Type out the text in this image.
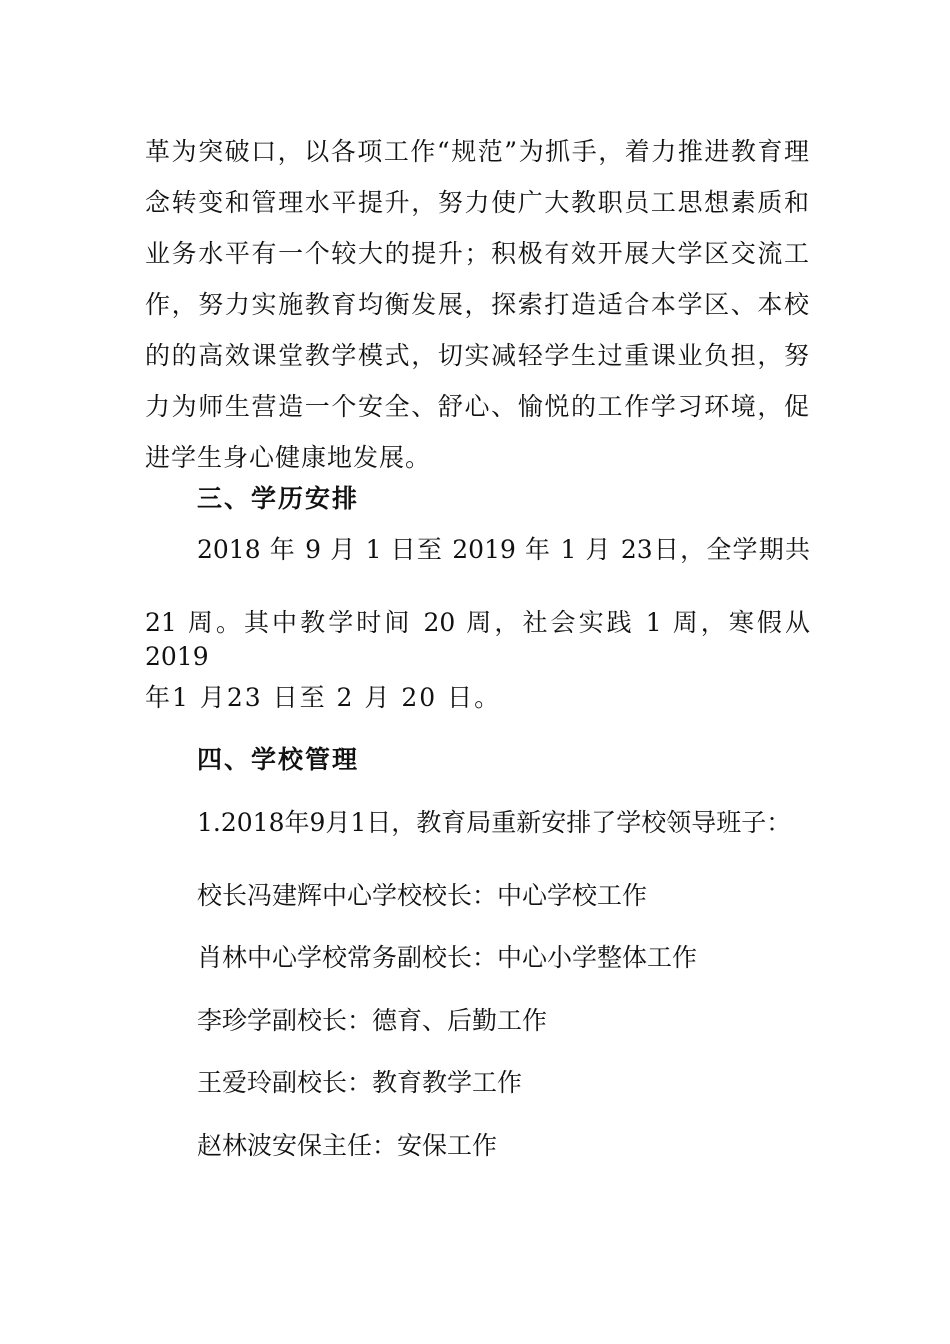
革为突破口，以各项工作“规范”为抓手，着力推进教育理念转变和管理水平提升，努力使广大教职员工思想素质和业务水平有一个较大的提升；积极有效开展大学区交流工作，努力实施教育均衡发展，探索打造适合本学区、本校的的高效课堂教学模式，切实减轻学生过重课业负担，努力为师生营造一个安全、舒心、愉悦的工作学习环境，促进学生身心健康地发展。
三、学历安排
2018 年 9 月 1 日至 2019 年 1 月 23日，全学期共
21 周。其中教学时间 20 周，社会实践 1 周，寒假从 2019
年1 月23 日至 2 月 20 日。
四、学校管理
1.2018年9月1日，教育局重新安排了学校领导班子：
校长冯建辉中心学校校长：中心学校工作
肖林中心学校常务副校长：中心小学整体工作
李珍学副校长：德育、后勤工作
王爱玲副校长：教育教学工作
赵林波安保主任：安保工作
